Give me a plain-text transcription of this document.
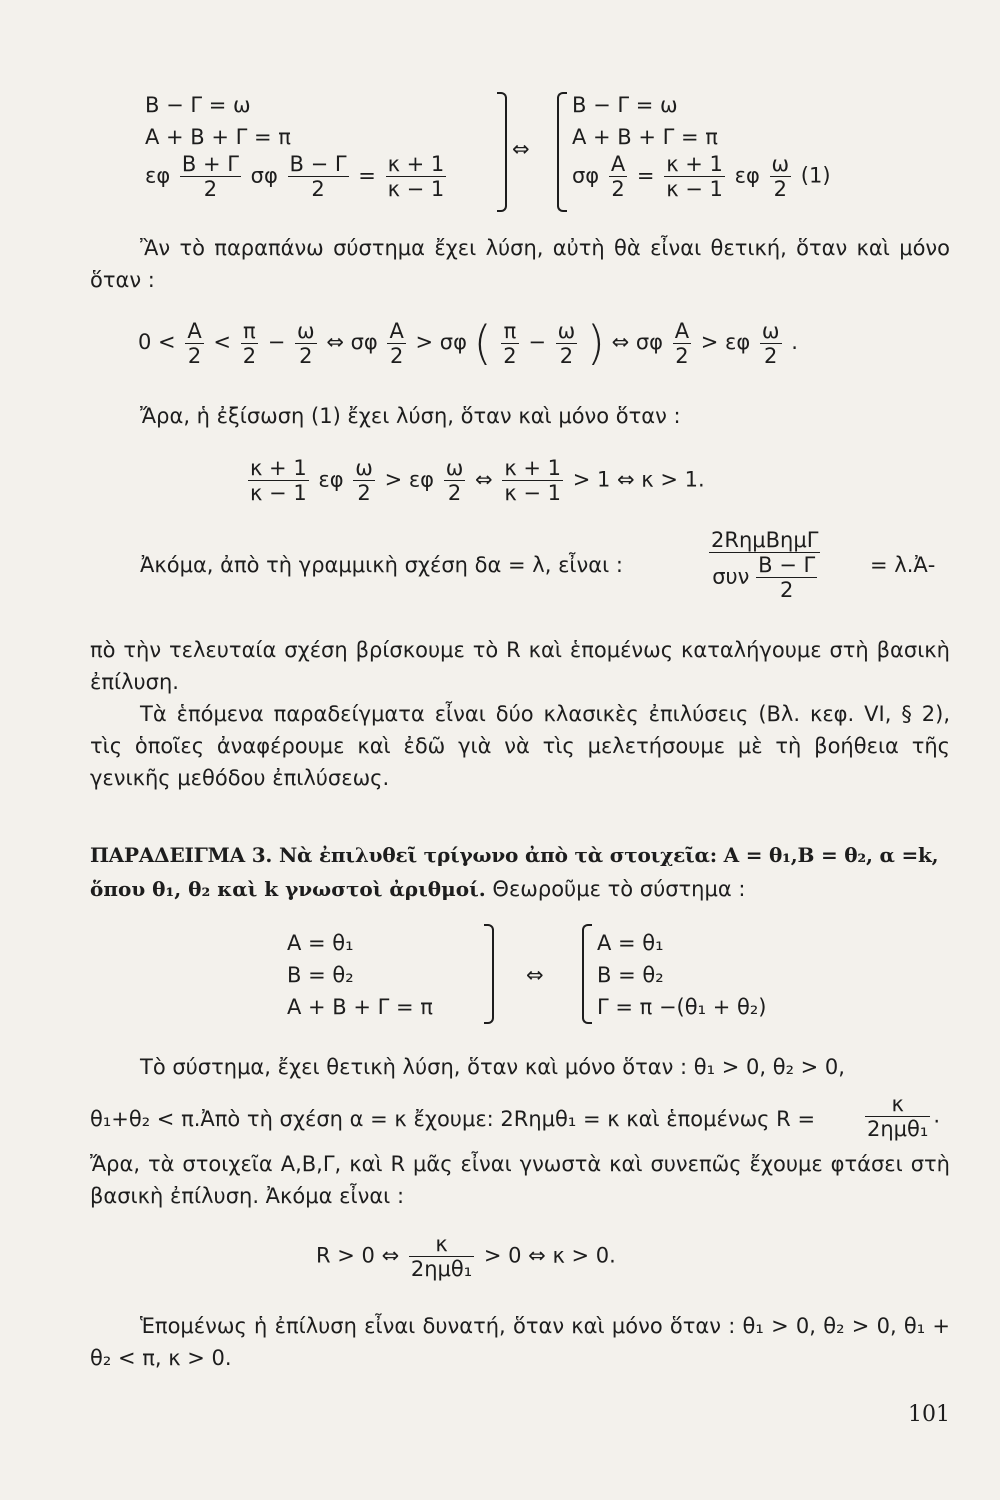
Β − Γ = ω
Α + Β + Γ = π
εφ $\frac{B + \Gamma}{2}$ σφ $\frac{B - \Gamma}{2} = \frac{\kappa + 1}{\kappa - 1}$
⇔
Β − Γ = ω
Α + Β + Γ = π
σφ $\frac{A}{2} = \frac{\kappa + 1}{\kappa - 1}$ εφ $\frac{\omega}{2} (1)$
Ἂν τὸ παραπάνω σύστημα ἔχει λύση, αὐτὴ θὰ εἶναι θετική, ὅταν καὶ μόνο ὅταν :
$0 < \frac{A}{2} < \frac{\pi}{2} - \frac{\omega}{2}$ ⇔ σφ $\frac{A}{2} > \sigma\varphi$ ( $\frac{\pi}{2} - \frac{\omega}{2}$ ) ⇔ σφ $\frac{A}{2} > \varepsilon\varphi \frac{\omega}{2}$ .
Ἄρα, ἡ ἐξίσωση (1) ἔχει λύση, ὅταν καὶ μόνο ὅταν :
$\frac{\kappa + 1}{\kappa - 1}$ εφ $\frac{\omega}{2} > \varepsilon\varphi \frac{\omega}{2}$ ⇔ $\frac{\kappa + 1}{\kappa - 1} > 1$ ⇔ κ > 1.
Ἀκόμα, ἀπὸ τὴ γραμμικὴ σχέση δα = λ, εἶναι :	$\frac{\text{2RημΒημΓ}}{\sigma\upsilon\nu \frac{B - \Gamma}{2}}$ = λ.Ἀ-
πὸ τὴν τελευταία σχέση βρίσκουμε τὸ R καὶ ἑπομένως καταλήγουμε στὴ βασικὴ ἐπίλυση.
Τὰ ἑπόμενα παραδείγματα εἶναι δύο κλασικὲς ἐπιλύσεις (Βλ. κεφ. VI, § 2), τὶς ὁποῖες ἀναφέρουμε καὶ ἐδῶ γιὰ νὰ τὶς μελετήσουμε μὲ τὴ βοήθεια τῆς γενικῆς μεθόδου ἐπιλύσεως.
ΠΑΡΑΔΕΙΓΜΑ 3. Νὰ ἐπιλυθεῖ τρίγωνο ἀπὸ τὰ στοιχεῖα: Α = θ₁,Β = θ₂, α =k,
ὅπου θ₁, θ₂ καὶ k γνωστοὶ ἀριθμοί. Θεωροῦμε τὸ σύστημα :
Α = θ₁
Β = θ₂
Α + Β + Γ = π
⇔
Α = θ₁
Β = θ₂
Γ = π −(θ₁ + θ₂)
Τὸ σύστημα, ἔχει θετικὴ λύση, ὅταν καὶ μόνο ὅταν : θ₁ > 0, θ₂ > 0,
θ₁+θ₂ < π.Ἀπὸ τὴ σχέση α = κ ἔχουμε: 2Rημθ₁ = κ καὶ ἑπομένως $R = \frac{\kappa}{\text{2ημθ₁}}$ .
Ἄρα, τὰ στοιχεῖα Α,Β,Γ, καὶ R μᾶς εἶναι γνωστὰ καὶ συνεπῶς ἔχουμε φτάσει στὴ βασικὴ ἐπίλυση. Ἀκόμα εἶναι :
R > 0 ⇔ $\frac{\kappa}{\text{2ημθ₁}} > 0$ ⇔ κ > 0.
Ἑπομένως ἡ ἐπίλυση εἶναι δυνατή, ὅταν καὶ μόνο ὅταν : θ₁ > 0, θ₂ > 0, θ₁ + θ₂ < π, κ > 0.
101
